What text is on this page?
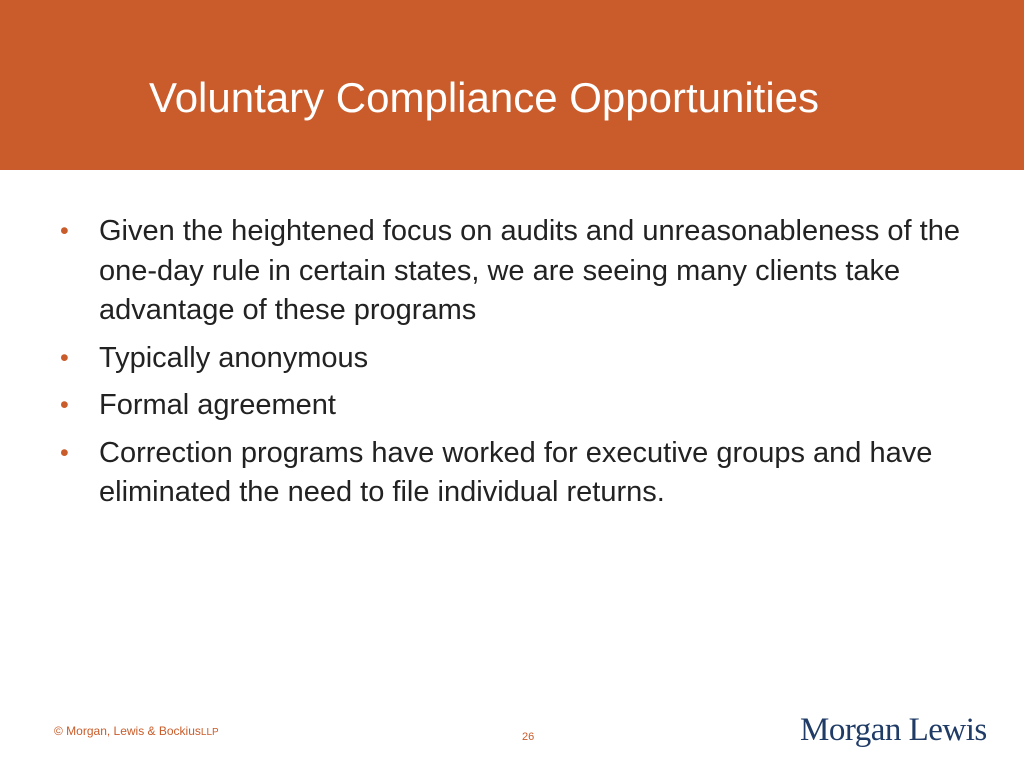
Voluntary Compliance Opportunities
• Given the heightened focus on audits and unreasonableness of the one-day rule in certain states, we are seeing many clients take advantage of these programs
• Typically anonymous
• Formal agreement
• Correction programs have worked for executive groups and have eliminated the need to file individual returns.
© Morgan, Lewis & BockiusLLP	26	Morgan Lewis
